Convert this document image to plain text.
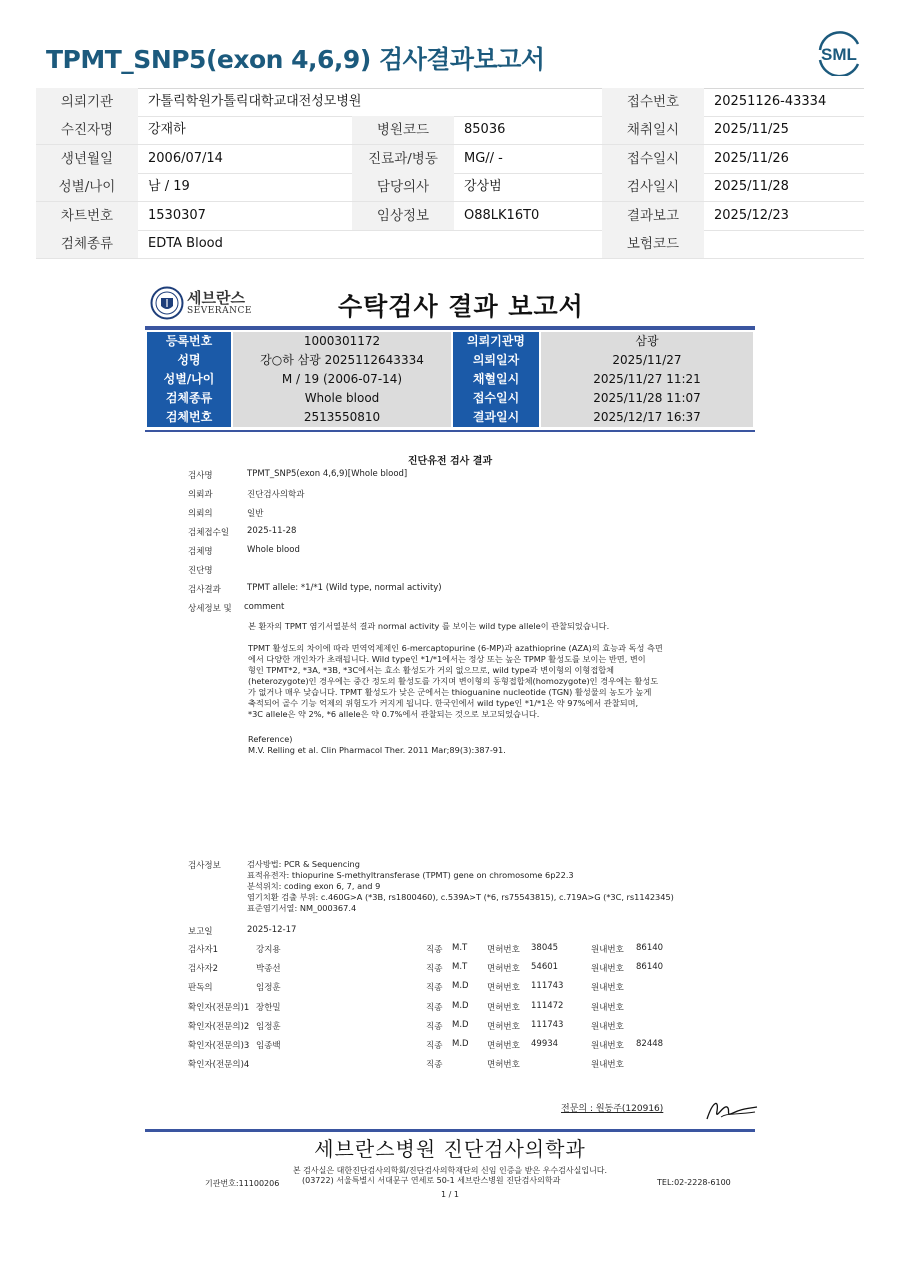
TPMT_SNP5(exon 4,6,9) 검사결과보고서	SML
의뢰기관	가톨릭학원가톨릭대학교대전성모병원	접수번호	20251126-43334
수진자명	강재하	병원코드	85036	채취일시	2025/11/25
생년월일	2006/07/14	진료과/병동	MG// -	접수일시	2025/11/26
성별/나이	남 / 19	담당의사	강상범	검사일시	2025/11/28
차트번호	1530307	임상정보	O88LK16T0	결과보고	2025/12/23
검체종류	EDTA Blood	보험코드
세브란스
SEVERANCE	수탁검사 결과 보고서
등록번호	1000301172	의뢰기관명	삼광
성명	강○하 삼광 2025112643334	의뢰일자	2025/11/27
성별/나이	M / 19 (2006-07-14)	채혈일시	2025/11/27 11:21
검체종류	Whole blood	접수일시	2025/11/28 11:07
검체번호	2513550810	결과일시	2025/12/17 16:37
진단유전 검사 결과
검사명	TPMT_SNP5(exon 4,6,9)[Whole blood]
의뢰과	진단검사의학과
의뢰의	일반
검체접수일 2025-11-28
검체명	Whole blood
진단명
검사결과	TPMT allele: *1/*1 (Wild type, normal activity)
상세정보 및 comment
본 환자의 TPMT 염기서열분석 결과 normal activity 를 보이는 wild type allele이 관찰되었습니다.
TPMT 활성도의 차이에 따라 면역억제제인 6-mercaptopurine (6-MP)과 azathioprine (AZA)의 효능과 독성 측면
에서 다양한 개인차가 초래됩니다. Wild type인 *1/*1에서는 정상 또는 높은 TPMP 활성도를 보이는 반면, 변이
형인 TPMT*2, *3A, *3B, *3C에서는 효소 활성도가 거의 없으므로, wild type과 변이형의 이형접합체
(heterozygote)인 경우에는 중간 정도의 활성도를 가지며 변이형의 동형접합체(homozygote)인 경우에는 활성도
가 없거나 매우 낮습니다. TPMT 활성도가 낮은 군에서는 thioguanine nucleotide (TGN) 활성물의 농도가 높게
축적되어 골수 기능 억제의 위험도가 커지게 됩니다. 한국인에서 wild type인 *1/*1은 약 97%에서 관찰되며,
*3C allele은 약 2%, *6 allele은 약 0.7%에서 관찰되는 것으로 보고되었습니다.
Reference)
M.V. Relling et al. Clin Pharmacol Ther. 2011 Mar;89(3):387-91.
검사정보	검사방법: PCR & Sequencing
표적유전자: thiopurine S-methyltransferase (TPMT) gene on chromosome 6p22.3
분석위치: coding exon 6, 7, and 9
염기치환 검출 부위: c.460G>A (*3B, rs1800460), c.539A>T (*6, rs75543815), c.719A>G (*3C, rs1142345)
표준염기서열: NM_000367.4
보고일	2025-12-17
검사자1	강지용	직종 M.T 면허번호 38045	원내번호 86140
검사자2	박종선	직종 M.T 면허번호 54601	원내번호 86140
판독의	임정훈	직종 M.D 면허번호 111743	원내번호
확인자(전문의)1 장한밀	직종 M.D 면허번호 111472	원내번호
확인자(전문의)2 임정훈	직종 M.D 면허번호 111743	원내번호
확인자(전문의)3 임종백	직종 M.D 면허번호 49934	원내번호 82448
확인자(전문의)4	직종	면허번호	원내번호
전문의 : 원동주(120916)
세브란스병원 진단검사의학과
본 검사실은 대한진단검사의학회/진단검사의학재단의 신임 인증을 받은 우수검사실입니다.
기관번호:11100206	(03722) 서울특별시 서대문구 연세로 50-1 세브란스병원 진단검사의학과	TEL:02-2228-6100
1 / 1
